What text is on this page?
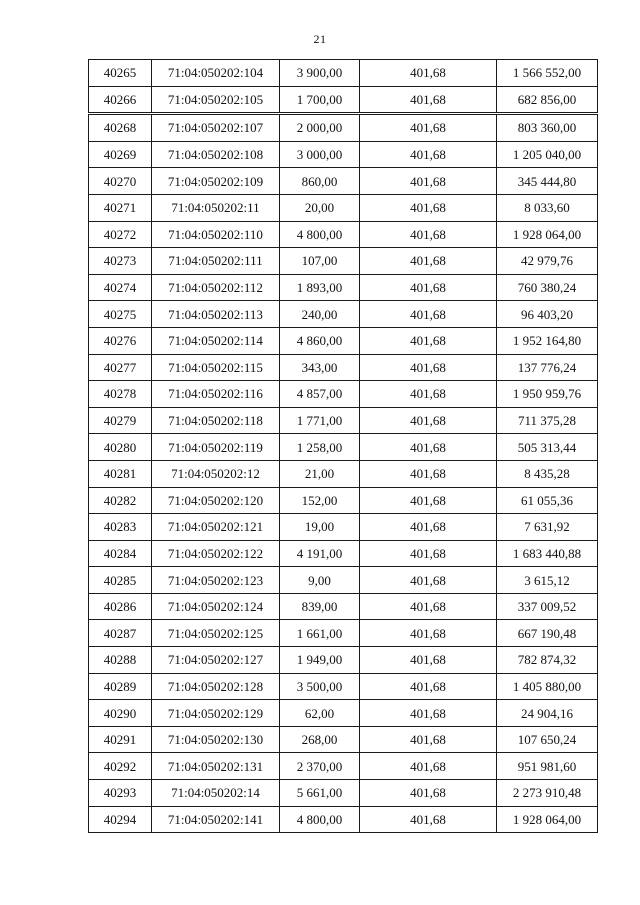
21
40265	71:04:050202:104	3 900,00	401,68	1 566 552,00
40266	71:04:050202:105	1 700,00	401,68	682 856,00
40268	71:04:050202:107	2 000,00	401,68	803 360,00
40269	71:04:050202:108	3 000,00	401,68	1 205 040,00
40270	71:04:050202:109	860,00	401,68	345 444,80
40271	71:04:050202:11	20,00	401,68	8 033,60
40272	71:04:050202:110	4 800,00	401,68	1 928 064,00
40273	71:04:050202:111	107,00	401,68	42 979,76
40274	71:04:050202:112	1 893,00	401,68	760 380,24
40275	71:04:050202:113	240,00	401,68	96 403,20
40276	71:04:050202:114	4 860,00	401,68	1 952 164,80
40277	71:04:050202:115	343,00	401,68	137 776,24
40278	71:04:050202:116	4 857,00	401,68	1 950 959,76
40279	71:04:050202:118	1 771,00	401,68	711 375,28
40280	71:04:050202:119	1 258,00	401,68	505 313,44
40281	71:04:050202:12	21,00	401,68	8 435,28
40282	71:04:050202:120	152,00	401,68	61 055,36
40283	71:04:050202:121	19,00	401,68	7 631,92
40284	71:04:050202:122	4 191,00	401,68	1 683 440,88
40285	71:04:050202:123	9,00	401,68	3 615,12
40286	71:04:050202:124	839,00	401,68	337 009,52
40287	71:04:050202:125	1 661,00	401,68	667 190,48
40288	71:04:050202:127	1 949,00	401,68	782 874,32
40289	71:04:050202:128	3 500,00	401,68	1 405 880,00
40290	71:04:050202:129	62,00	401,68	24 904,16
40291	71:04:050202:130	268,00	401,68	107 650,24
40292	71:04:050202:131	2 370,00	401,68	951 981,60
40293	71:04:050202:14	5 661,00	401,68	2 273 910,48
40294	71:04:050202:141	4 800,00	401,68	1 928 064,00
